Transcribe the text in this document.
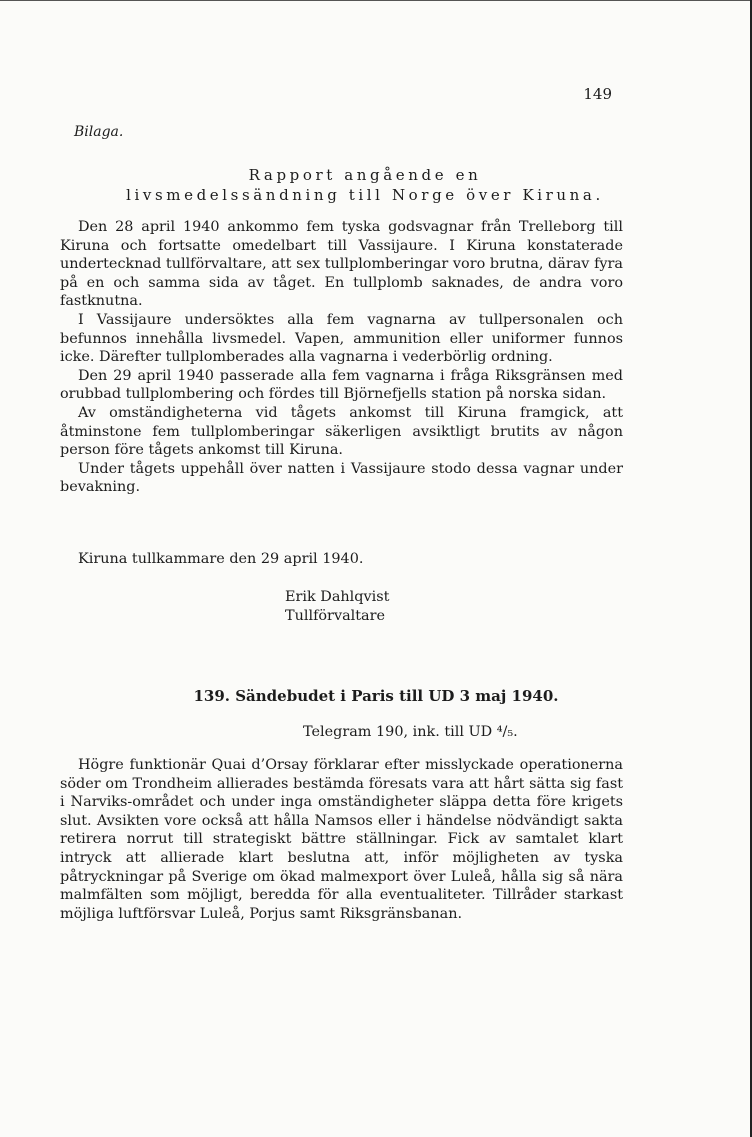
149
Bilaga.
Rapport angående en
livsmedelssändning till Norge över Kiruna.

Den 28 april 1940 ankommo fem tyska godsvagnar från Trelleborg till Kiruna och fortsatte omedelbart till Vassijaure. I Kiruna konstaterade undertecknad tullförvaltare, att sex tullplomberingar voro brutna, därav fyra på en och samma sida av tåget. En tullplomb saknades, de andra voro fastknutna.

I Vassijaure undersöktes alla fem vagnarna av tullpersonalen och befunnos innehålla livsmedel. Vapen, ammunition eller uniformer funnos icke. Därefter tullplomberades alla vagnarna i vederbörlig ordning.

Den 29 april 1940 passerade alla fem vagnarna i fråga Riksgränsen med orubbad tullplombering och fördes till Björnefjells station på norska sidan.

Av omständigheterna vid tågets ankomst till Kiruna framgick, att åtminstone fem tullplomberingar säkerligen avsiktligt brutits av någon person före tågets ankomst till Kiruna.

Under tågets uppehåll över natten i Vassijaure stodo dessa vagnar under bevakning.

Kiruna tullkammare den 29 april 1940.
Erik Dahlqvist
Tullförvaltare
139. Sändebudet i Paris till UD 3 maj 1940.
Telegram 190, ink. till UD ⁴/₅.

Högre funktionär Quai d’Orsay förklarar efter misslyckade operationerna söder om Trondheim allierades bestämda föresats vara att hårt sätta sig fast i Narviks-området och under inga omständigheter släppa detta före krigets slut. Avsikten vore också att hålla Namsos eller i händelse nödvändigt sakta retirera norrut till strategiskt bättre ställningar. Fick av samtalet klart intryck att allierade klart beslutna att, inför möjligheten av tyska påtryckningar på Sverige om ökad malmexport över Luleå, hålla sig så nära malmfälten som möjligt, beredda för alla eventualiteter. Tillråder starkast möjliga luftförsvar Luleå, Porjus samt Riksgränsbanan.
